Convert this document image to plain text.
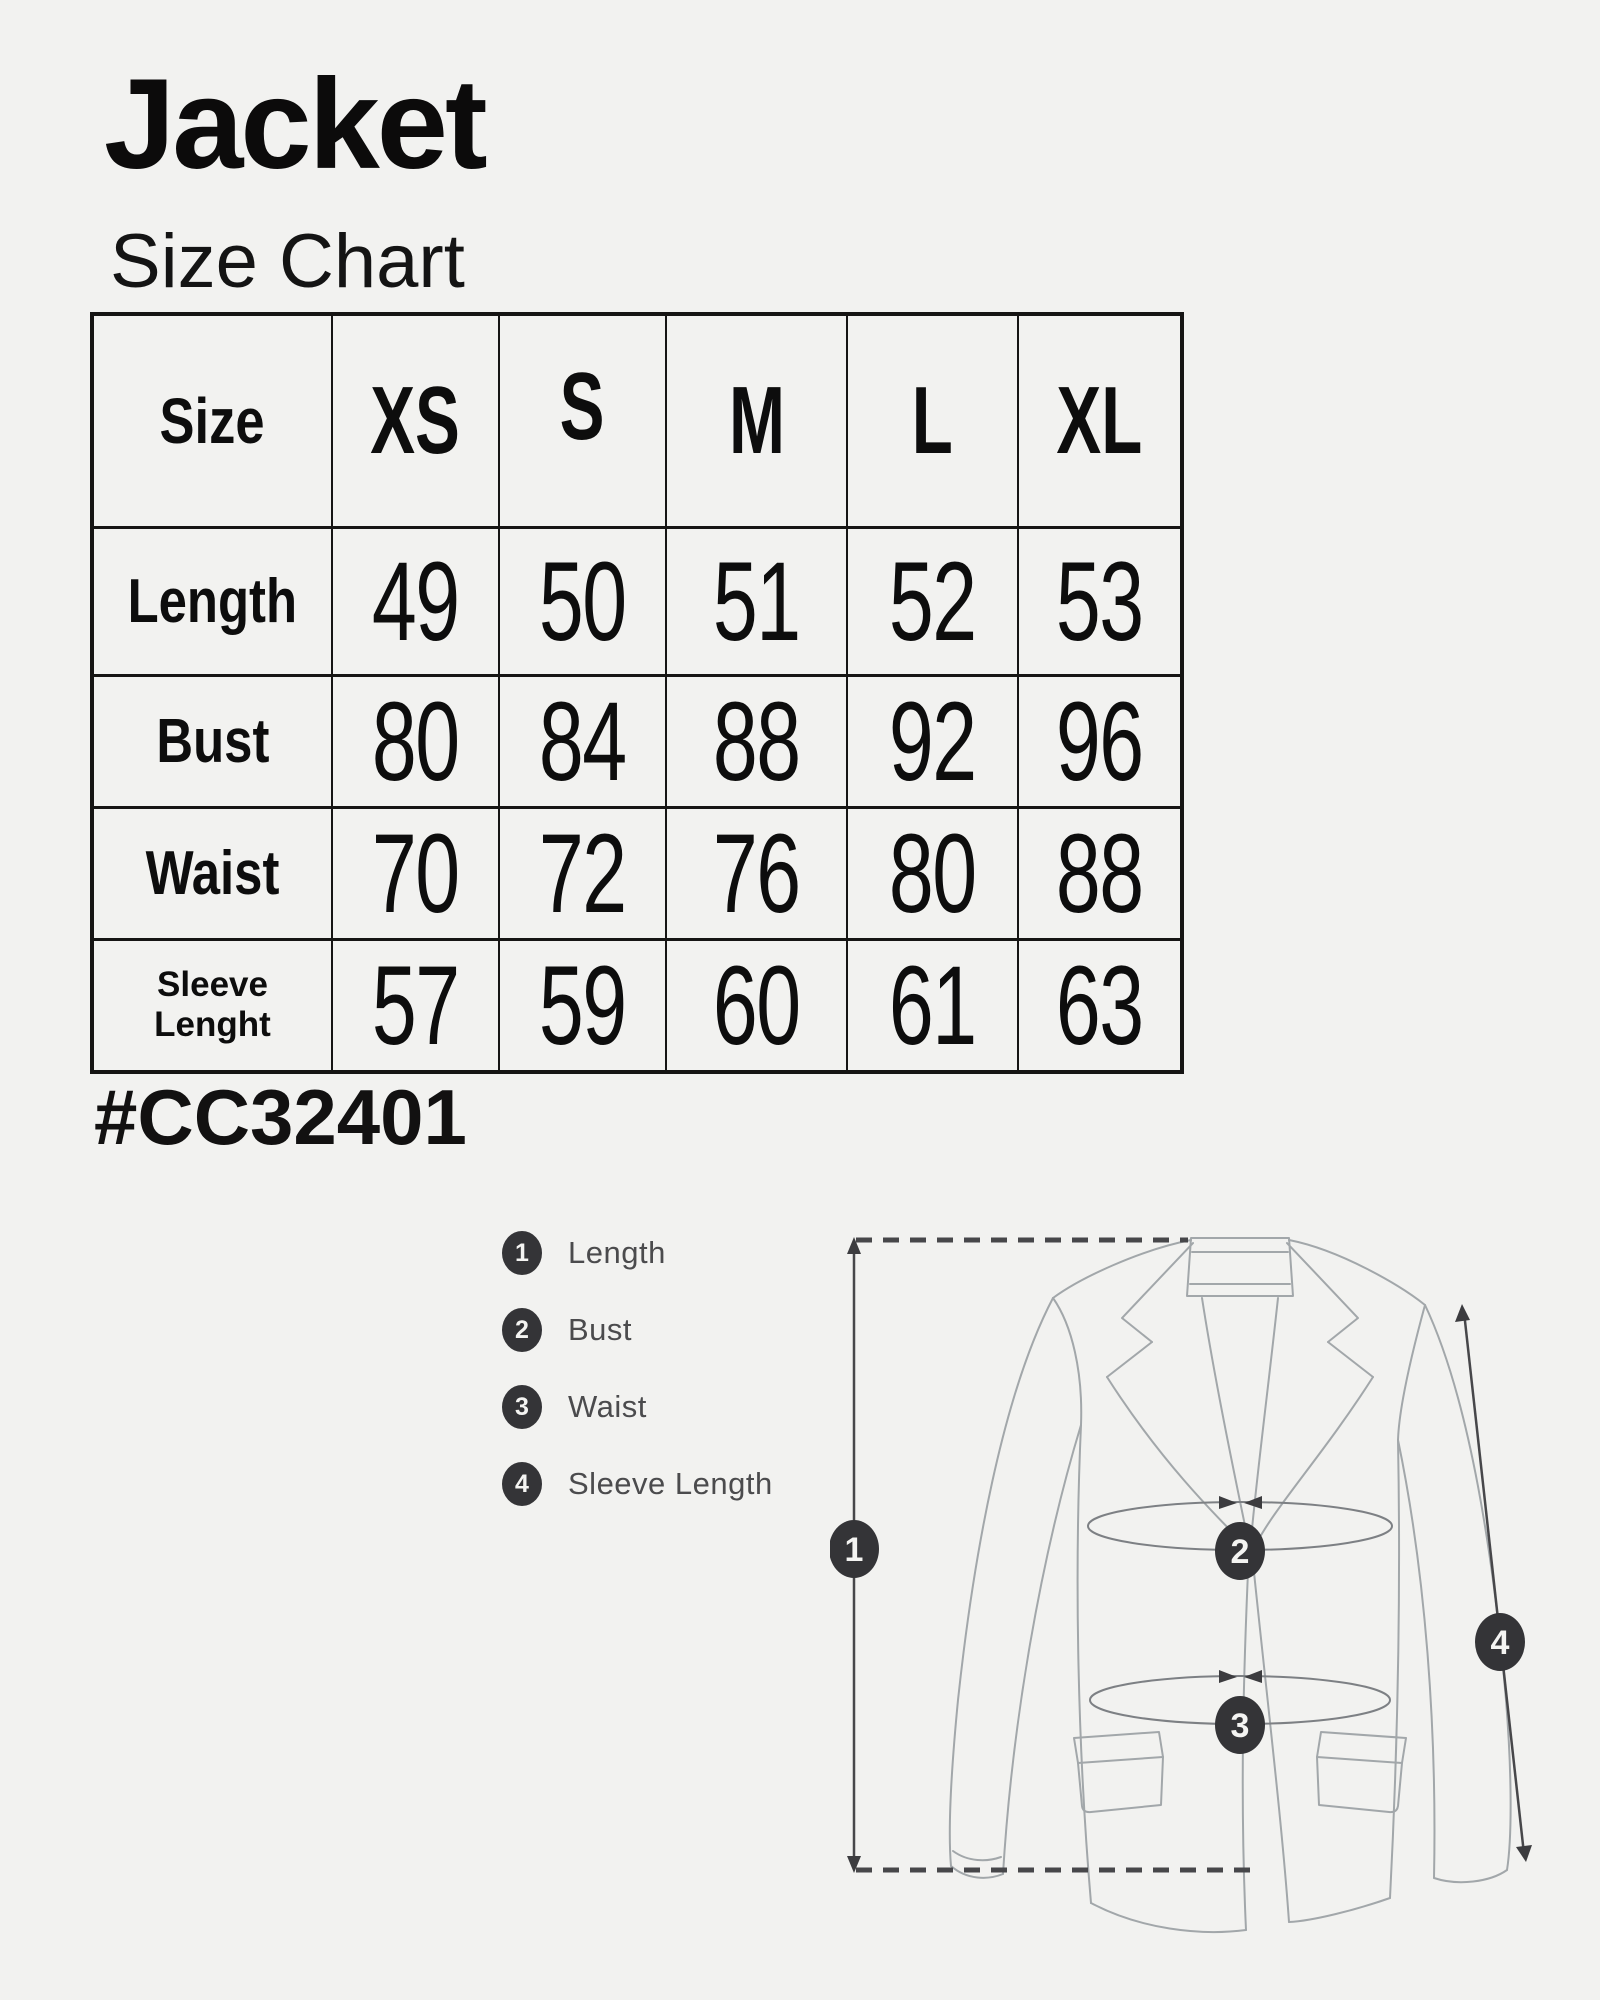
Jacket
Size Chart
Size	XS	S	M	L	XL
Length	49	50	51	52	53
Bust	80	84	88	92	96
Waist	70	72	76	80	88

Sleeve Lenght	57	59	60	61	63
#CC32401
1	Length
2	Bust
3	Waist
4	Sleeve Length
1	2
3
4
